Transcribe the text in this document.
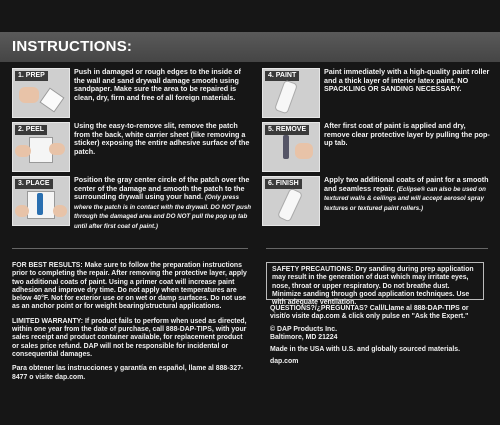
INSTRUCTIONS:
1. PREP	Push in damaged or rough edges to the inside of the wall and sand drywall damage smooth using sandpaper. Make sure the area to be repaired is clean, dry, firm and free of all foreign materials.
2. PEEL	Using the easy-to-remove slit, remove the patch from the back, white carrier sheet (like removing a sticker) exposing the entire adhesive surface of the patch.
3. PLACE	Position the gray center circle of the patch over the center of the damage and smooth the patch to the surrounding drywall using your hand. (Only press where the patch is in contact with the drywall. DO NOT push through the damaged area and DO NOT pull the pop up tab until after first coat of paint.)
4. PAINT	Paint immediately with a high-quality paint roller and a thick layer of interior latex paint. NO SPACKLING OR SANDING NECESSARY.
5. REMOVE	After first coat of paint is applied and dry, remove clear protective layer by pulling the pop-up tab.
6. FINISH	Apply two additional coats of paint for a smooth and seamless repair. (Eclipse® can also be used on textured walls & ceilings and will accept aerosol spray textures or textured paint rollers.)

FOR BEST RESULTS: Make sure to follow the preparation instructions prior to completing the repair. After removing the protective layer, apply two additional coats of paint. Using a primer coat will increase paint adhesion and improve dry time. Do not apply when temperatures are below 40°F. Not for exterior use or on wet or damp surfaces. Do not use as an anchor point or for weight bearing/structural applications.

LIMITED WARRANTY: If product fails to perform when used as directed, within one year from the date of purchase, call 888-DAP-TIPS, with your sales receipt and product container available, for replacement product or sales price refund. DAP will not be responsible for incidental or consequential damages.

Para obtener las instrucciones y garantía en español, llame al 888-327-8477 o visite dap.com.

SAFETY PRECAUTIONS: Dry sanding during prep application may result in the generation of dust which may irritate eyes, nose, throat or upper respiratory. Do not breathe dust. Minimize sanding through good application techniques. Use with adequate ventilation.

QUESTIONS?/¿PREGUNTAS? Call/Llame al 888-DAP-TIPS or visit/o visite dap.com & click only pulse en "Ask the Expert."

© DAP Products Inc.
Baltimore, MD 21224

Made in the USA with U.S. and globally sourced materials.

dap.com
